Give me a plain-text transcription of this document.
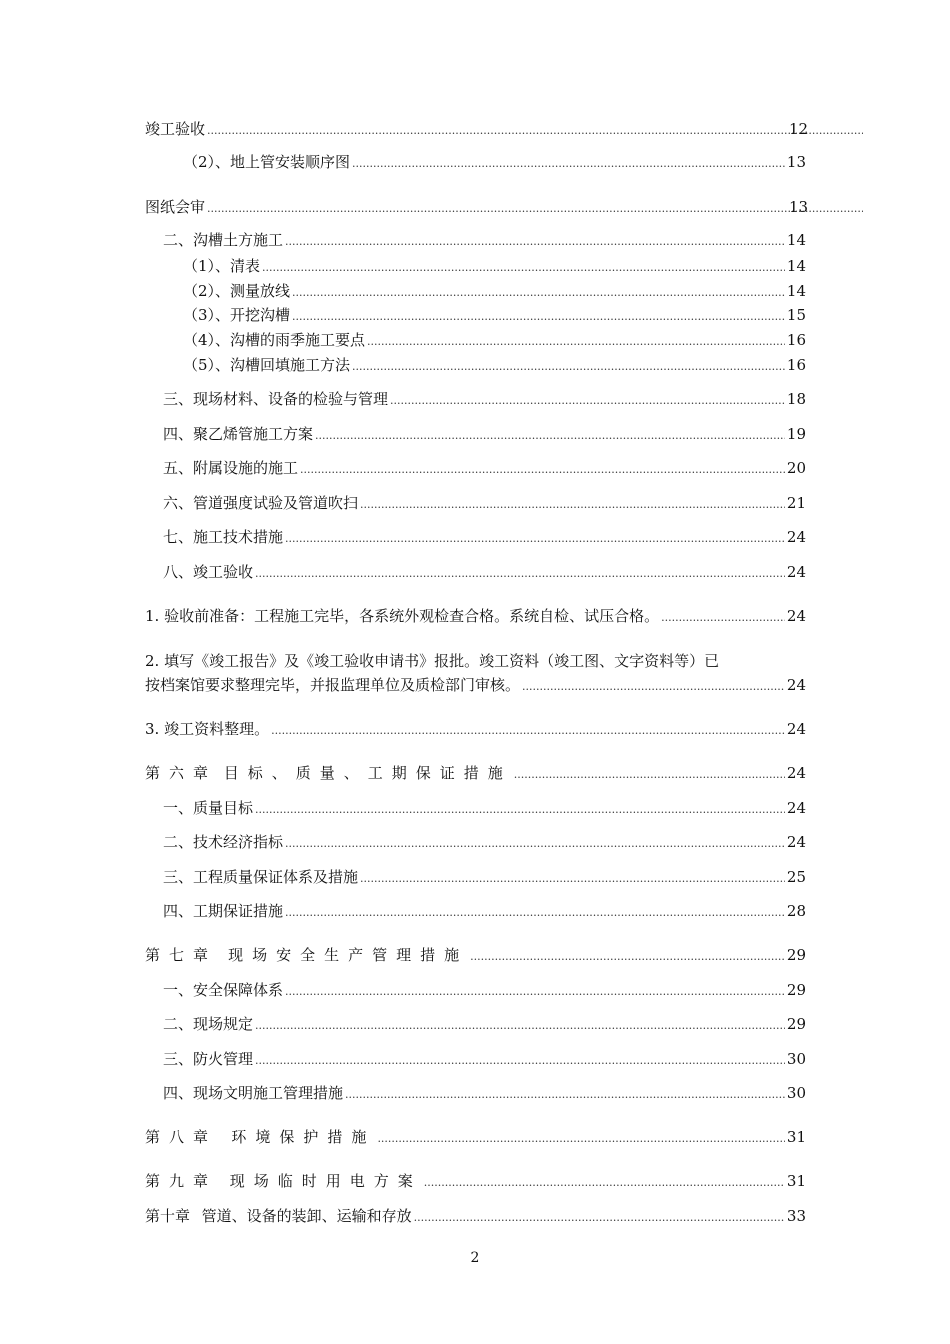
竣工验收 .....	12
（2）、地上管安装顺序图 .....	13
图纸会审 .....	13
二、沟槽土方施工 .....	14
（1）、清表 .....	14
（2）、测量放线 .....	14
（3）、开挖沟槽 .....	15
（4）、沟槽的雨季施工要点 .....	16
（5）、沟槽回填施工方法 .....	16
三、现场材料、设备的检验与管理 .....	18
四、聚乙烯管施工方案 .....	19
五、附属设施的施工 .....	20
六、管道强度试验及管道吹扫 .....	21
七、施工技术措施 .....	24
八、竣工验收 .....	24
1. 验收前准备：工程施工完毕，各系统外观检查合格。系统自检、试压合格。 .....	24
2. 填写《竣工报告》及《竣工验收申请书》报批。竣工资料（竣工图、文字资料等）已
按档案馆要求整理完毕，并报监理单位及质检部门审核。 .....	24
3. 竣工资料整理。 .....	24
第六章 目标、质量、工期保证措施 .....	24
一、质量目标 .....	24
二、技术经济指标 .....	24
三、工程质量保证体系及措施 .....	25
四、工期保证措施 .....	28
第七章 现场安全生产管理措施 .....	29
一、安全保障体系 .....	29
二、现场规定 .....	29
三、防火管理 .....	30
四、现场文明施工管理措施 .....	30
第八章 环境保护措施 .....	31
第九章 现场临时用电方案 .....	31
第十章 管道、设备的装卸、运输和存放 .....	33
2
